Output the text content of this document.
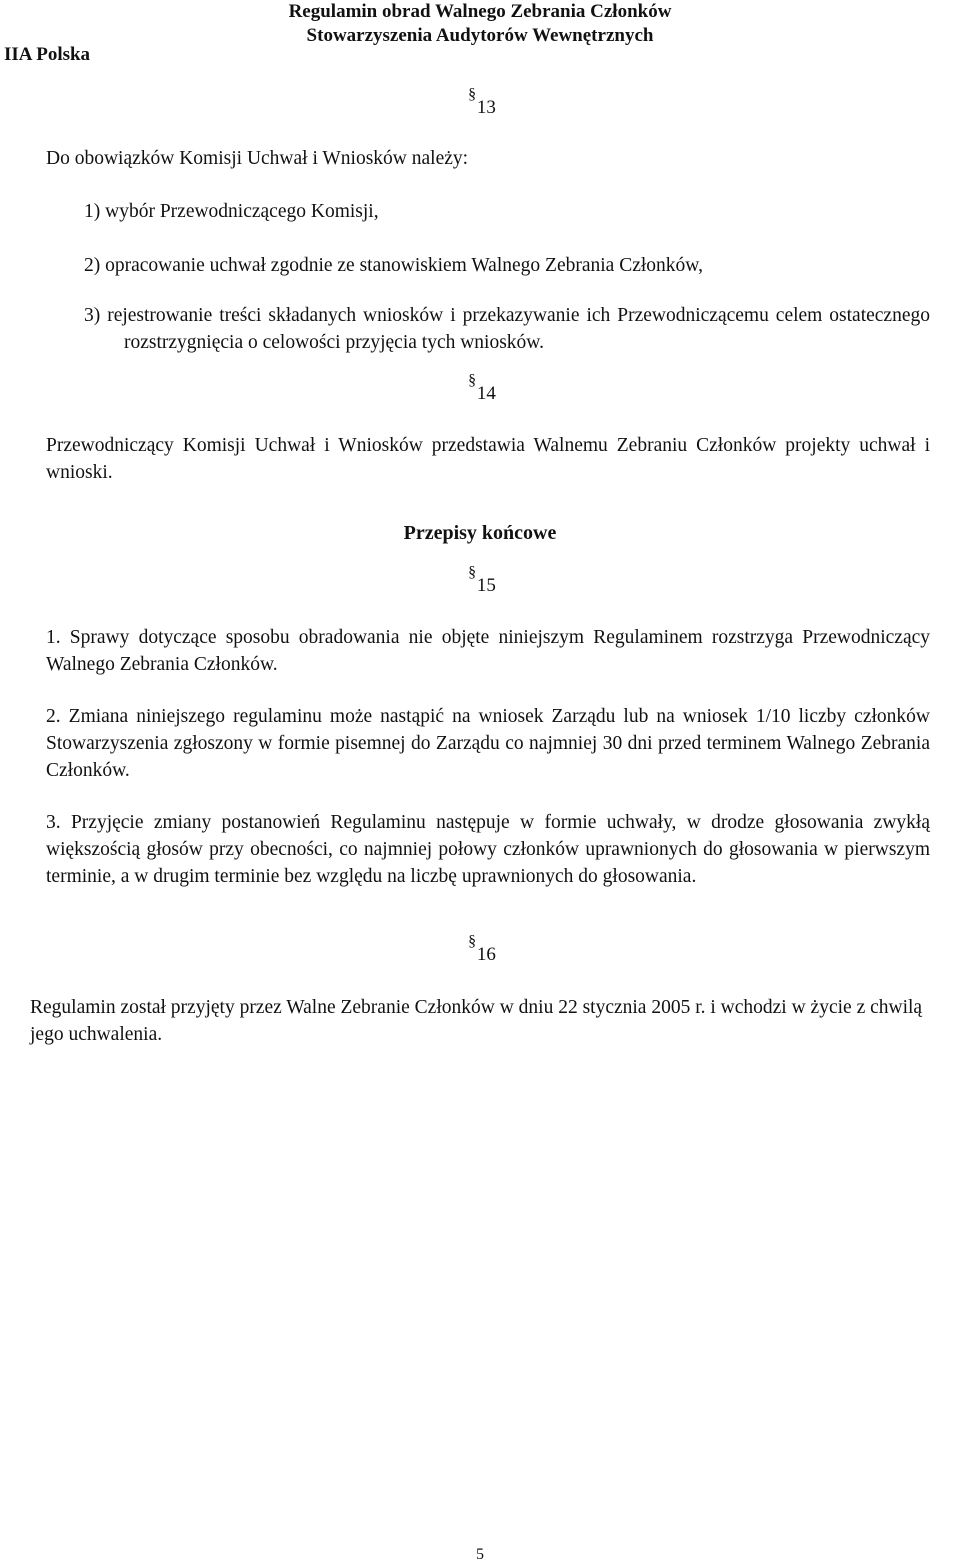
IIA Polska
Regulamin obrad Walnego Zebrania Członków
Stowarzyszenia Audytorów Wewnętrznych
§ 13
Do obowiązków Komisji Uchwał i Wniosków należy:
1) wybór Przewodniczącego Komisji,
2) opracowanie uchwał zgodnie ze stanowiskiem Walnego Zebrania Członków,
3) rejestrowanie treści składanych wniosków i przekazywanie ich Przewodniczącemu celem ostatecznego rozstrzygnięcia o celowości przyjęcia tych wniosków.
§ 14
Przewodniczący Komisji Uchwał i Wniosków przedstawia Walnemu Zebraniu Członków projekty uchwał i wnioski.
Przepisy końcowe
§ 15
1. Sprawy dotyczące sposobu obradowania nie objęte niniejszym Regulaminem rozstrzyga Przewodniczący Walnego Zebrania Członków.
2. Zmiana niniejszego regulaminu może nastąpić na wniosek Zarządu lub na wniosek 1/10 liczby członków Stowarzyszenia zgłoszony w formie pisemnej do Zarządu co najmniej 30 dni przed terminem Walnego Zebrania Członków.
3. Przyjęcie zmiany postanowień Regulaminu następuje w formie uchwały, w drodze głosowania zwykłą większością głosów przy obecności, co najmniej połowy członków uprawnionych do głosowania w pierwszym terminie, a w drugim terminie bez względu na liczbę uprawnionych do głosowania.
§ 16
Regulamin został przyjęty przez Walne Zebranie Członków w dniu 22 stycznia 2005 r. i wchodzi w życie z chwilą jego uchwalenia.
5
